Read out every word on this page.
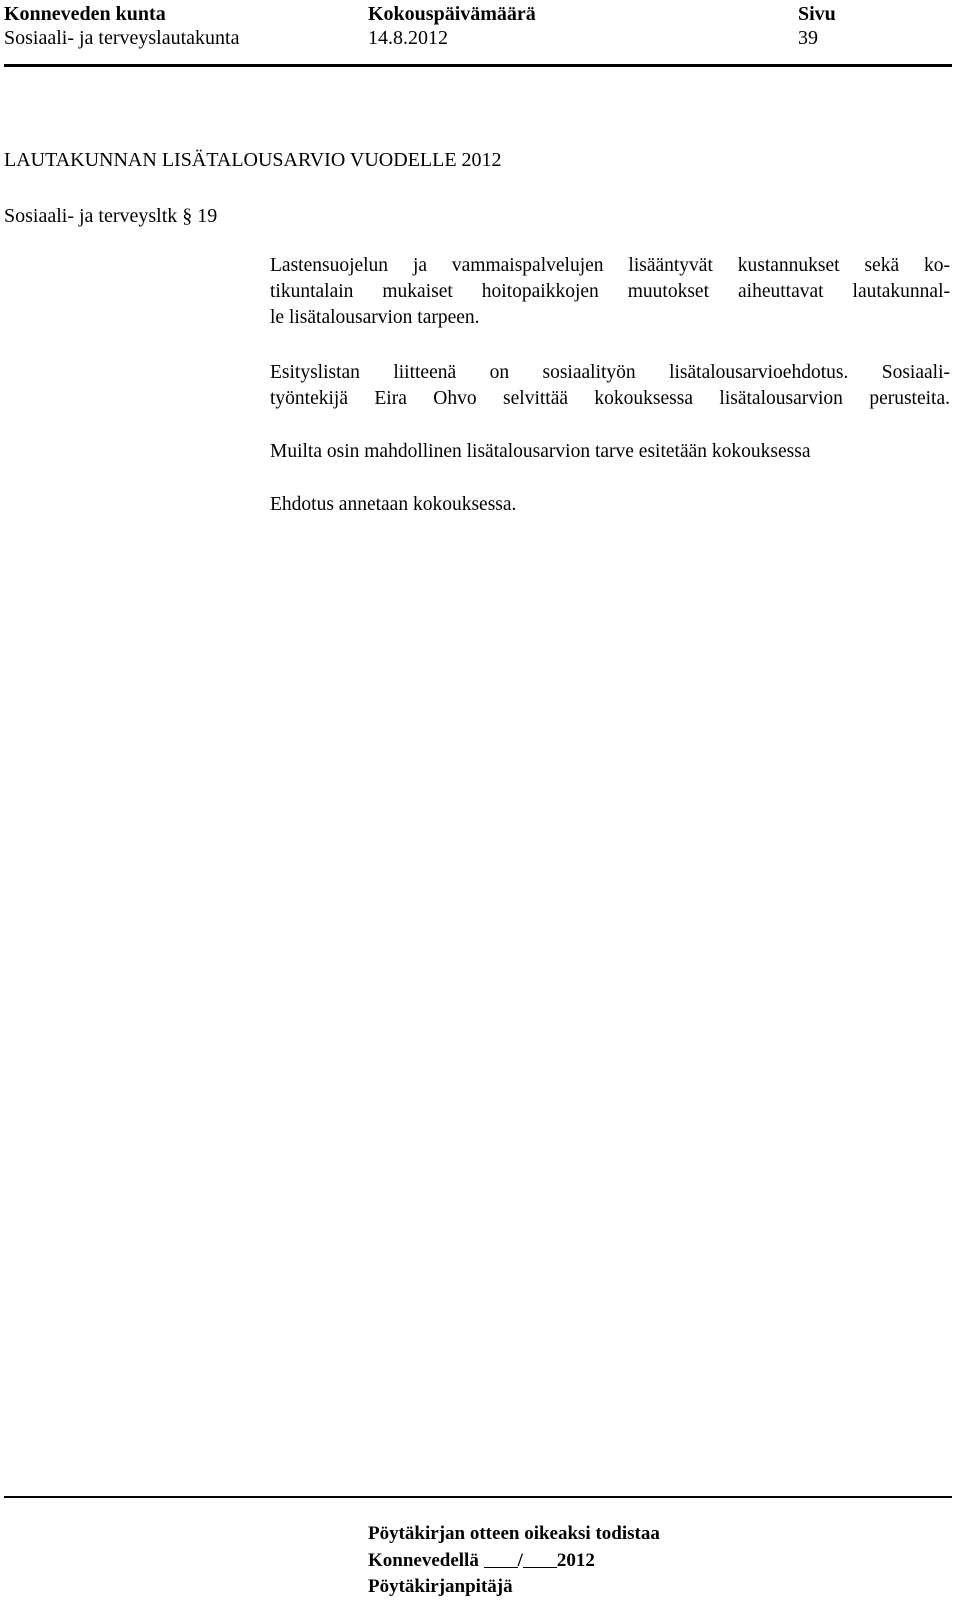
Konneveden kunta
Sosiaali- ja terveyslautakunta
Kokouspäivämäärä
14.8.2012
Sivu
39
LAUTAKUNNAN LISÄTALOUSARVIO VUODELLE 2012
Sosiaali- ja terveysltk § 19
Lastensuojelun ja vammaispalvelujen lisääntyvät kustannukset sekä ko-
tikuntalain mukaiset hoitopaikkojen muutokset aiheuttavat lautakunnal-
le lisätalousarvion tarpeen.
Esityslistan liitteenä on sosiaalityön lisätalousarvioehdotus. Sosiaali-
työntekijä Eira Ohvo selvittää kokouksessa lisätalousarvion perusteita.
Muilta osin mahdollinen lisätalousarvion tarve esitetään kokouksessa
Ehdotus annetaan kokouksessa.
Pöytäkirjan otteen oikeaksi todistaa
Konnevedellä / 2012
Pöytäkirjanpitäjä
